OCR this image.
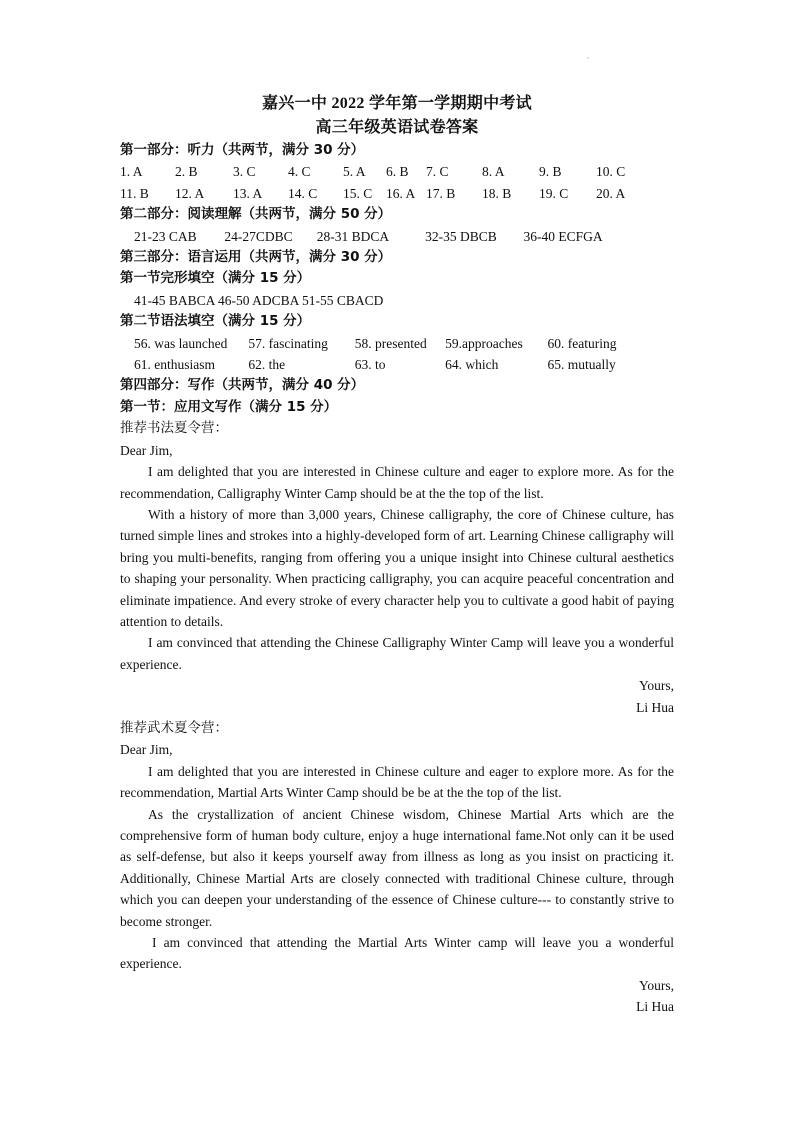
’
嘉兴一中 2022 学年第一学期期中考试
高三年级英语试卷答案
第一部分：听力（共两节，满分 30 分）
1. A	2. B	3. C	4. C	5. A	6. B	7. C	8. A	9. B	10. C
11. B	12. A	13. A	14. C	15. C	16. A 17. B	18. B	19. C	20. A
第二部分：阅读理解（共两节，满分 50 分）
21-23 CAB 24-27CDBC 28-31 BDCA	32-35 DBCB 36-40 ECFGA
第三部分：语言运用（共两节，满分 30 分）
第一节完形填空（满分 15 分）
41-45 BABCA 46-50 ADCBA 51-55 CBACD
第二节语法填空（满分 15 分）
56. was launched 57. fascinating 58. presented 59.approaches 60. featuring
61. enthusiasm 62. the	63. to	64. which	65. mutually
第四部分：写作（共两节，满分 40 分）
第一节：应用文写作（满分 15 分）
推荐书法夏令营：
Dear Jim,

I am delighted that you are interested in Chinese culture and eager to explore more. As for the recommendation, Calligraphy Winter Camp should be at the the top of the list.

With a history of more than 3,000 years, Chinese calligraphy, the core of Chinese culture, has turned simple lines and strokes into a highly-developed form of art. Learning Chinese calligraphy will bring you multi-benefits, ranging from offering you a unique insight into Chinese cultural aesthetics to shaping your personality. When practicing calligraphy, you can acquire peaceful concentration and eliminate impatience. And every stroke of every character help you to cultivate a good habit of paying attention to details.

I am convinced that attending the Chinese Calligraphy Winter Camp will leave you a wonderful experience.

Yours,
Li Hua
推荐武术夏令营：
Dear Jim,

I am delighted that you are interested in Chinese culture and eager to explore more. As for the recommendation, Martial Arts Winter Camp should be be at the the top of the list.

As the crystallization of ancient Chinese wisdom, Chinese Martial Arts which are the comprehensive form of human body culture, enjoy a huge international fame.Not only can it be used as self-defense, but also it keeps yourself away from illness as long as you insist on practicing it. Additionally, Chinese Martial Arts are closely connected with traditional Chinese culture, through which you can deepen your understanding of the essence of Chinese culture--- to constantly strive to become stronger.

I am convinced that attending the Martial Arts Winter camp will leave you a wonderful experience.

Yours,
Li Hua
